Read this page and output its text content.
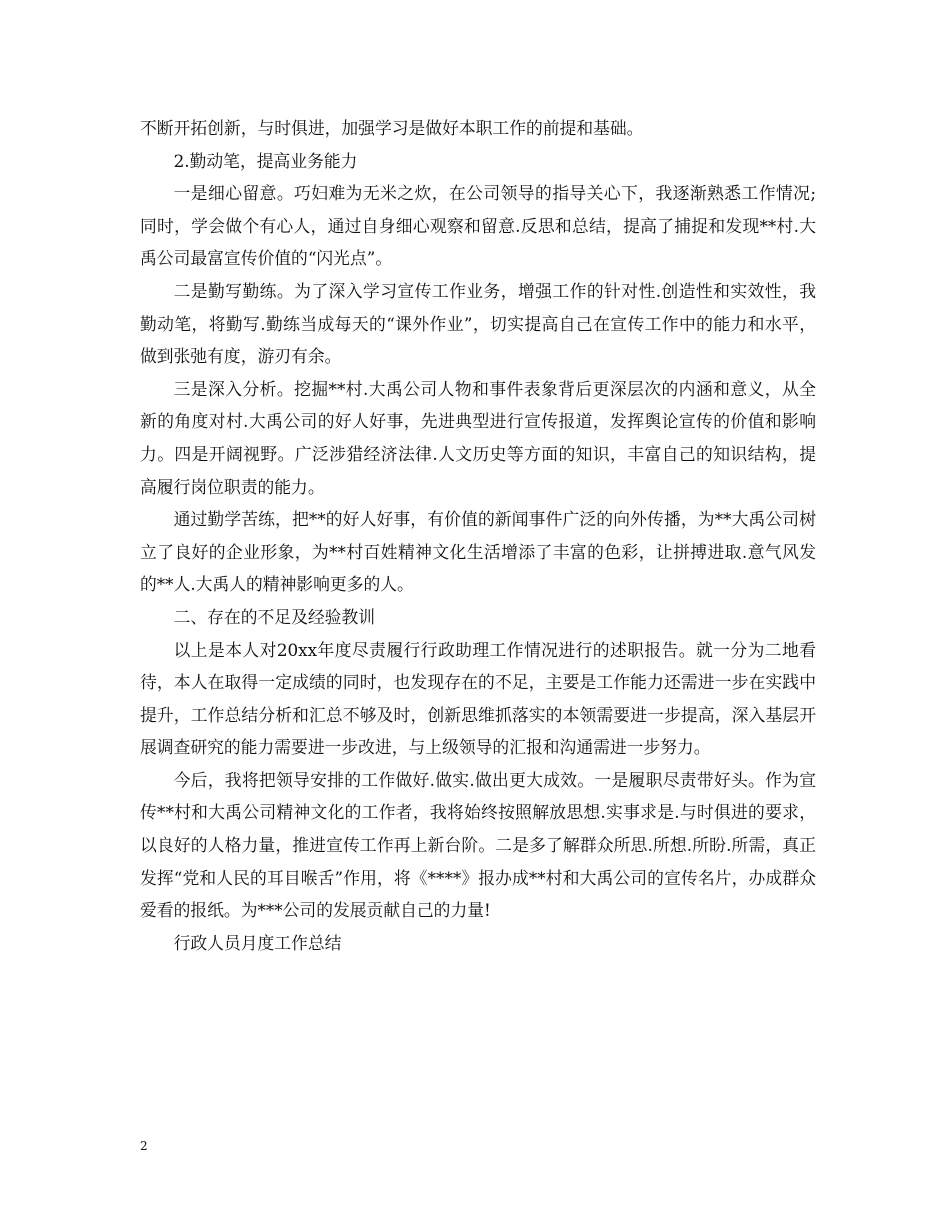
不断开拓创新，与时俱进，加强学习是做好本职工作的前提和基础。

2.勤动笔，提高业务能力

一是细心留意。巧妇难为无米之炊，在公司领导的指导关心下，我逐渐熟悉工作情况;同时，学会做个有心人，通过自身细心观察和留意.反思和总结，提高了捕捉和发现**村.大禹公司最富宣传价值的“闪光点”。

二是勤写勤练。为了深入学习宣传工作业务，增强工作的针对性.创造性和实效性，我勤动笔，将勤写.勤练当成每天的“课外作业”，切实提高自己在宣传工作中的能力和水平，做到张弛有度，游刃有余。

三是深入分析。挖掘**村.大禹公司人物和事件表象背后更深层次的内涵和意义，从全新的角度对村.大禹公司的好人好事，先进典型进行宣传报道，发挥舆论宣传的价值和影响力。四是开阔视野。广泛涉猎经济法律.人文历史等方面的知识，丰富自己的知识结构，提高履行岗位职责的能力。

通过勤学苦练，把**的好人好事，有价值的新闻事件广泛的向外传播，为**大禹公司树立了良好的企业形象，为**村百姓精神文化生活增添了丰富的色彩，让拼搏进取.意气风发的**人.大禹人的精神影响更多的人。

二、存在的不足及经验教训

以上是本人对20xx年度尽责履行行政助理工作情况进行的述职报告。就一分为二地看待，本人在取得一定成绩的同时，也发现存在的不足，主要是工作能力还需进一步在实践中提升，工作总结分析和汇总不够及时，创新思维抓落实的本领需要进一步提高，深入基层开展调查研究的能力需要进一步改进，与上级领导的汇报和沟通需进一步努力。

今后，我将把领导安排的工作做好.做实.做出更大成效。一是履职尽责带好头。作为宣传**村和大禹公司精神文化的工作者，我将始终按照解放思想.实事求是.与时俱进的要求，以良好的人格力量，推进宣传工作再上新台阶。二是多了解群众所思.所想.所盼.所需，真正发挥“党和人民的耳目喉舌”作用，将《****》报办成**村和大禹公司的宣传名片，办成群众爱看的报纸。为***公司的发展贡献自己的力量!

行政人员月度工作总结

2
